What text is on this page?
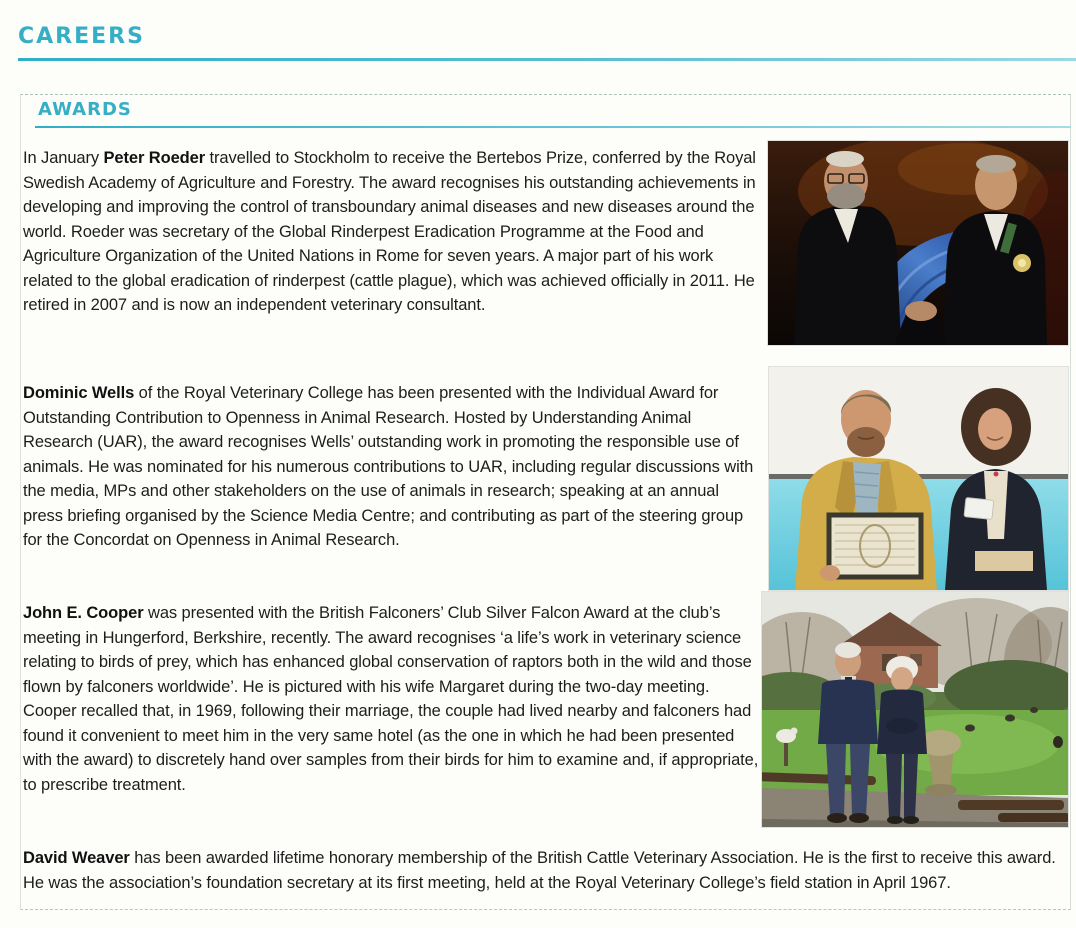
CAREERS
AWARDS

In January Peter Roeder travelled to Stockholm to receive the Bertebos Prize, conferred by the Royal Swedish Academy of Agriculture and Forestry. The award recognises his outstanding achievements in developing and improving the control of transboundary animal diseases and new diseases around the world. Roeder was secretary of the Global Rinderpest Eradication Programme at the Food and Agriculture Organization of the United Nations in Rome for seven years. A major part of his work related to the global eradication of rinderpest (cattle plague), which was achieved officially in 2011. He retired in 2007 and is now an independent veterinary consultant.

Dominic Wells of the Royal Veterinary College has been presented with the Individual Award for Outstanding Contribution to Openness in Animal Research. Hosted by Understanding Animal Research (UAR), the award recognises Wells’ outstanding work in promoting the responsible use of animals. He was nominated for his numerous contributions to UAR, including regular discussions with the media, MPs and other stakeholders on the use of animals in research; speaking at an annual press briefing organised by the Science Media Centre; and contributing as part of the steering group for the Concordat on Openness in Animal Research.

John E. Cooper was presented with the British Falconers’ Club Silver Falcon Award at the club’s meeting in Hungerford, Berkshire, recently. The award recognises ‘a life’s work in veterinary science relating to birds of prey, which has enhanced global conservation of raptors both in the wild and those flown by falconers worldwide’. He is pictured with his wife Margaret during the two-day meeting. Cooper recalled that, in 1969, following their marriage, the couple had lived nearby and falconers had found it convenient to meet him in the very same hotel (as the one in which he had been presented with the award) to discretely hand over samples from their birds for him to examine and, if appropriate, to prescribe treatment.

David Weaver has been awarded lifetime honorary membership of the British Cattle Veterinary Association. He is the first to receive this award. He was the association’s foundation secretary at its first meeting, held at the Royal Veterinary College’s field station in April 1967.
